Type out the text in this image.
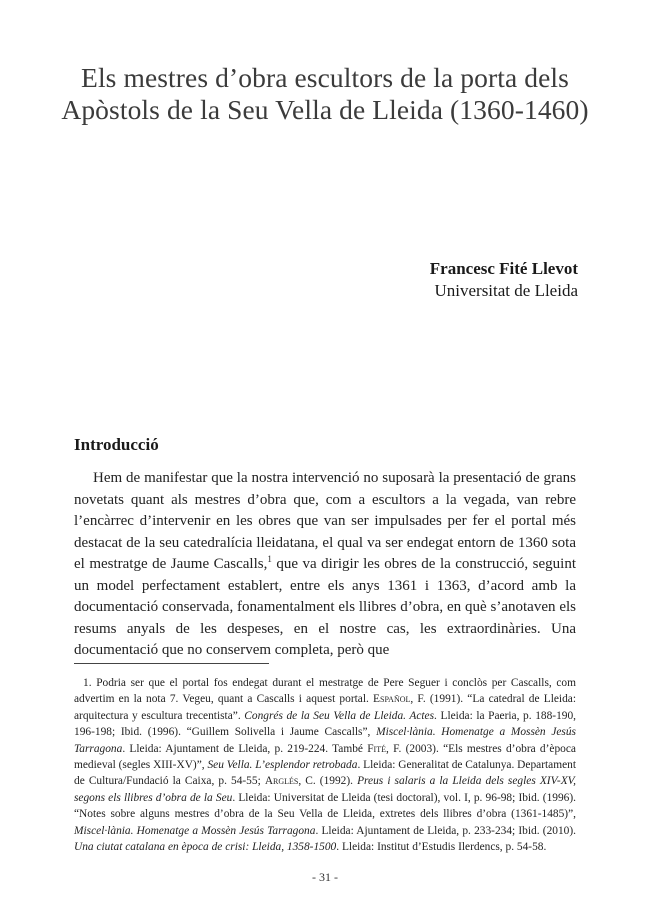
Els mestres d’obra escultors de la porta dels
Apòstols de la Seu Vella de Lleida (1360-1460)
Francesc Fité Llevot
Universitat de Lleida
Introducció

Hem de manifestar que la nostra intervenció no suposarà la presentació de grans novetats quant als mestres d’obra que, com a escultors a la vegada, van rebre l’encàrrec d’intervenir en les obres que van ser impulsades per fer el portal més destacat de la seu catedralícia lleidatana, el qual va ser endegat entorn de 1360 sota el mestratge de Jaume Cascalls,$^1$ que va dirigir les obres de la construcció, seguint un model perfectament establert, entre els anys 1361 i 1363, d’acord amb la documentació conservada, fonamentalment els llibres d’obra, en què s’anotaven els resums anyals de les despeses, en el nostre cas, les extraordinàries. Una documentació que no conservem completa, però que

1. Podria ser que el portal fos endegat durant el mestratge de Pere Seguer i conclòs per Cascalls, com advertim en la nota 7. Vegeu, quant a Cascalls i aquest portal. Español, F. (1991). “La catedral de Lleida: arquitectura y escultura trecentista”. Congrés de la Seu Vella de Lleida. Actes. Lleida: la Paeria, p. 188-190, 196-198; Ibid. (1996). “Guillem Solivella i Jaume Cascalls”, Miscel·lània. Homenatge a Mossèn Jesús Tarragona. Lleida: Ajuntament de Lleida, p. 219-224. També Fité, F. (2003). “Els mestres d’obra d’època medieval (segles XIII-XV)”, Seu Vella. L’esplendor retrobada. Lleida: Generalitat de Catalunya. Departament de Cultura/Fundació la Caixa, p. 54-55; Arglés, C. (1992). Preus i salaris a la Lleida dels segles XIV-XV, segons els llibres d’obra de la Seu. Lleida: Universitat de Lleida (tesi doctoral), vol. I, p. 96-98; Ibid. (1996). “Notes sobre alguns mestres d’obra de la Seu Vella de Lleida, extretes dels llibres d’obra (1361-1485)”, Miscel·lània. Homenatge a Mossèn Jesús Tarragona. Lleida: Ajuntament de Lleida, p. 233-234; Ibid. (2010). Una ciutat catalana en època de crisi: Lleida, 1358-1500. Lleida: Institut d’Estudis Ilerdencs, p. 54-58.

- 31 -
